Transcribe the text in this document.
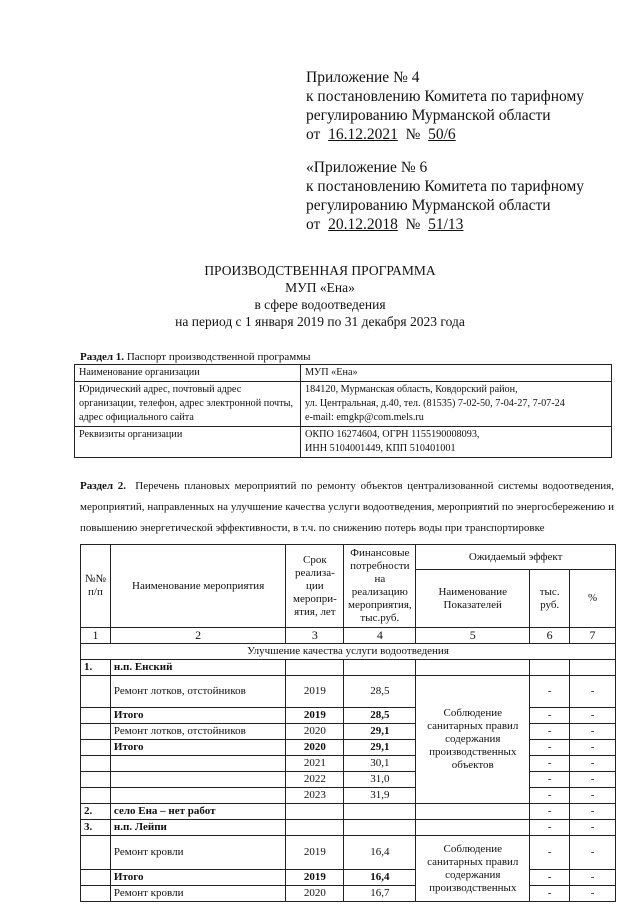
Приложение № 4
к постановлению Комитета по тарифному
регулированию Мурманской области
от 16.12.2021 № 50/6
«Приложение № 6
к постановлению Комитета по тарифному
регулированию Мурманской области
от 20.12.2018 № 51/13
ПРОИЗВОДСТВЕННАЯ ПРОГРАММА
МУП «Ена»
в сфере водоотведения
на период с 1 января 2019 по 31 декабря 2023 года
Раздел 1. Паспорт производственной программы
Наименование организации	МУП «Ена»

Юридический адрес, почтовый адрес организации, телефон, адрес электронной почты, адрес официального сайта	184120, Мурманская область, Ковдорский район,
ул. Центральная, д.40, тел. (81535) 7-02-50, 7-04-27, 7-07-24
e-mail: emgkp@com.mels.ru

Реквизиты организации	ОКПО 16274604, ОГРН 1155190008093,
ИНН 5104001449, КПП 510401001
Раздел 2. Перечень плановых мероприятий по ремонту объектов централизованной системы водоотведения, мероприятий, направленных на улучшение качества услуги водоотведения, мероприятий по энергосбережению и повышению энергетической эффективности, в т.ч. по снижению потерь воды при транспортировке
№№ п/п	Наименование мероприятия	Срок реализа-ции меропри-ятия, лет	Финансовые потребности на реализацию мероприятия, тыс.руб.	Ожидаемый эффект		
				Наименование Показателей	тыс. руб.	%
1	2	3	4	5	6	7
Улучшение качества услуги водоотведения						
1.	н.п. Енский					
	Ремонт лотков, отстойников	2019	28,5	Соблюдение санитарных правил содержания производственных объектов	-	-
	Итого	2019	28,5		-	-
	Ремонт лотков, отстойников	2020	29,1		-	-
	Итого	2020	29,1		-	-
		2021	30,1		-	-
		2022	31,0		-	-
		2023	31,9		-	-
2.	село Ена – нет работ				-	-
3.	н.п. Лейпи				-	-
	Ремонт кровли	2019	16,4	Соблюдение санитарных правил содержания производственных	-	-
	Итого	2019	16,4		-	-
	Ремонт кровли	2020	16,7		-	-
